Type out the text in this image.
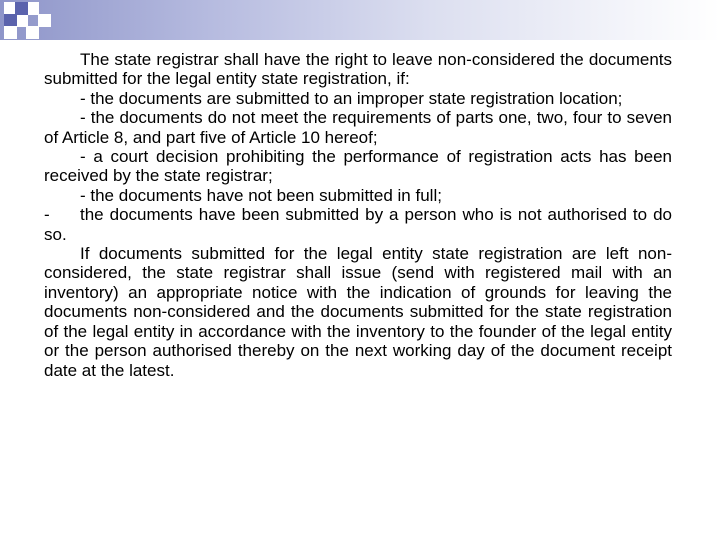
The state registrar shall have the right to leave non-considered the documents submitted for the legal entity state registration, if:

- the documents are submitted to an improper state registration location;

- the documents do not meet the requirements of parts one, two, four to seven of Article 8, and part five of Article 10 hereof;

- a court decision prohibiting the performance of registration acts has been received by the state registrar;

- the documents have not been submitted in full;

- the documents have been submitted by a person who is not authorised to do so.

If documents submitted for the legal entity state registration are left non-considered, the state registrar shall issue (send with registered mail with an inventory) an appropriate notice with the indication of grounds for leaving the documents non-considered and the documents submitted for the state registration of the legal entity in accordance with the inventory to the founder of the legal entity or the person authorised thereby on the next working day of the document receipt date at the latest.
